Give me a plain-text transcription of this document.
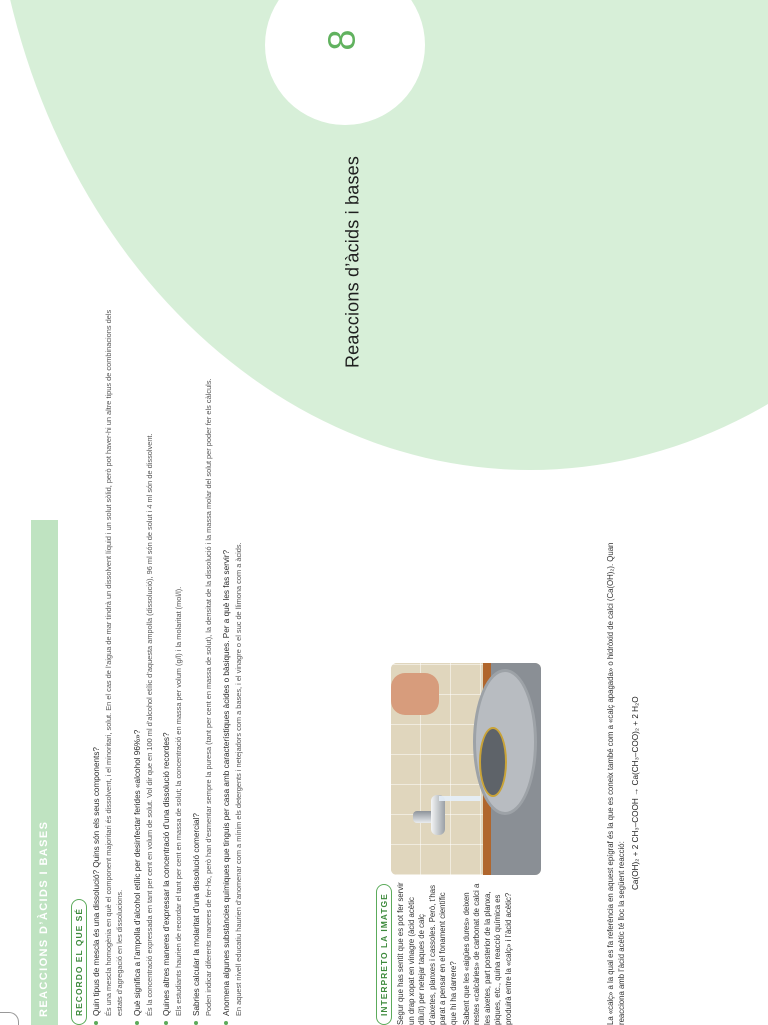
8
Reaccions d’àcids i bases
REACCIONS D’ÀCIDS I BASES	RECORDO EL QUE SÉ Quin tipus de mescla és una dissolució? Quins són els seus components? És una mescla homogènia en què el component majoritari és dissolvent, i el minoritari, solut. En el cas de l’aigua de mar tindrà un dissolvent líquid i un solut sòlid, però pot haver-hi un altre tipus de combinacions dels estats d’agregació en les dissolucions. Què significa a l’ampolla d’alcohol etílic per desinfectar ferides «alcohol 96%»? És la concentració expressada en tant per cent en volum de solut. Vol dir que en 100 ml d’alcohol etílic d’aquesta ampolla (dissolució), 96 ml són de solut i 4 ml són de dissolvent. Quines altres maneres d’expressar la concentració d’una dissolució recordes? Els estudiants haurien de recordar el tant per cent en massa de solut; la concentració en massa per volum (g/l) i la molaritat (mol/l). Sabries calcular la molaritat d’una dissolució comercial? Poden indicar diferents maneres de fer-ho, però han d’esmentar sempre la puresa (tant per cent en massa de solut), la densitat de la dissolució i la massa molar del solut per poder fer els càlculs. Anomena algunes substàncies químiques que tinguis per casa amb característiques àcides o bàsiques. Per a què les fas servir? En aquest nivell educatiu haurien d’anomenar com a mínim els detergents i netejadors com a bases, i el vinagre o el suc de llimona com a àcids.	INTERPRETO LA IMATGE Segur que has sentit que es pot fer servir un drap xopat en vinagre (àcid acètic diluït) per netejar taques de calç d’aixetes, planxes i cassoles. Però, t’has parat a pensar en el fonament científic que hi ha darrere? Sabent que les «aigües dures» deixen restes «calcàries» de carbonat de calci a les aixetes, part posterior de la planxa, piques, etc., quina reacció química es produirà entre la «calç» i l’àcid acètic?	La «calç» a la qual es fa referència en aquest epígraf és la que es coneix també com a «calç apagada» o hidròxid de calci (Ca(OH)₂). Quan reacciona amb l’àcid acètic té lloc la següent reacció:

Ca(OH)₂ + 2 CH₃–COOH → Ca(CH₃–COO)₂ + 2 H₂O
